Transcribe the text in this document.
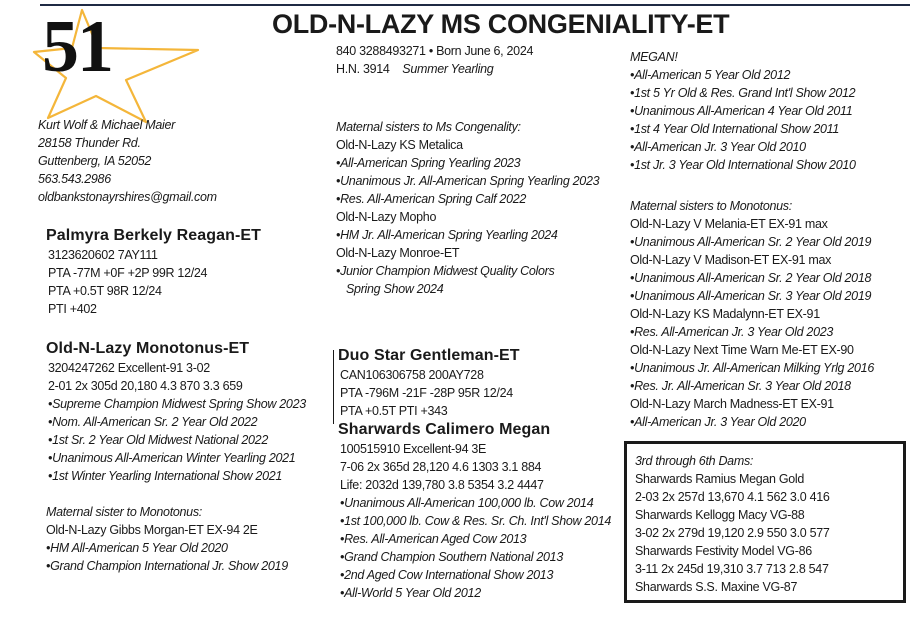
51	OLD-N-LAZY MS CONGENIALITY-ET
840 3288493271 • Born June 6, 2024
H.N. 3914 Summer Yearling
Kurt Wolf & Michael Maier
28158 Thunder Rd.
Guttenberg, IA 52052
563.543.2986
oldbankstonayrshires@gmail.com
Palmyra Berkely Reagan-ET
3123620602 7AY111
PTA -77M +0F +2P 99R 12/24
PTA +0.5T 98R 12/24
PTI +402
Old-N-Lazy Monotonus-ET
3204247262 Excellent-91 3-02
2-01 2x 305d 20,180 4.3 870 3.3 659
•Supreme Champion Midwest Spring Show 2023
•Nom. All-American Sr. 2 Year Old 2022
•1st Sr. 2 Year Old Midwest National 2022
•Unanimous All-American Winter Yearling 2021
•1st Winter Yearling International Show 2021
Maternal sister to Monotonus:
Old-N-Lazy Gibbs Morgan-ET EX-94 2E
•HM All-American 5 Year Old 2020
•Grand Champion International Jr. Show 2019
Maternal sisters to Ms Congenality:
Old-N-Lazy KS Metalica
•All-American Spring Yearling 2023
•Unanimous Jr. All-American Spring Yearling 2023
•Res. All-American Spring Calf 2022
Old-N-Lazy Mopho
•HM Jr. All-American Spring Yearling 2024
Old-N-Lazy Monroe-ET
•Junior Champion Midwest Quality Colors
Spring Show 2024
Duo Star Gentleman-ET
CAN106306758 200AY728
PTA -796M -21F -28P 95R 12/24
PTA +0.5T PTI +343
Sharwards Calimero Megan
100515910 Excellent-94 3E
7-06 2x 365d 28,120 4.6 1303 3.1 884
Life: 2032d 139,780 3.8 5354 3.2 4447
•Unanimous All-American 100,000 lb. Cow 2014
•1st 100,000 lb. Cow & Res. Sr. Ch. Int'l Show 2014
•Res. All-American Aged Cow 2013
•Grand Champion Southern National 2013
•2nd Aged Cow International Show 2013
•All-World 5 Year Old 2012
MEGAN!
•All-American 5 Year Old 2012
•1st 5 Yr Old & Res. Grand Int'l Show 2012
•Unanimous All-American 4 Year Old 2011
•1st 4 Year Old International Show 2011
•All-American Jr. 3 Year Old 2010
•1st Jr. 3 Year Old International Show 2010
Maternal sisters to Monotonus:
Old-N-Lazy V Melania-ET EX-91 max
•Unanimous All-American Sr. 2 Year Old 2019
Old-N-Lazy V Madison-ET EX-91 max
•Unanimous All-American Sr. 2 Year Old 2018
•Unanimous All-American Sr. 3 Year Old 2019
Old-N-Lazy KS Madalynn-ET EX-91
•Res. All-American Jr. 3 Year Old 2023
Old-N-Lazy Next Time Warn Me-ET EX-90
•Unanimous Jr. All-American Milking Yrlg 2016
•Res. Jr. All-American Sr. 3 Year Old 2018
Old-N-Lazy March Madness-ET EX-91
•All-American Jr. 3 Year Old 2020
3rd through 6th Dams:
Sharwards Ramius Megan Gold
2-03 2x 257d 13,670 4.1 562 3.0 416
Sharwards Kellogg Macy VG-88
3-02 2x 279d 19,120 2.9 550 3.0 577
Sharwards Festivity Model VG-86
3-11 2x 245d 19,310 3.7 713 2.8 547
Sharwards S.S. Maxine VG-87
